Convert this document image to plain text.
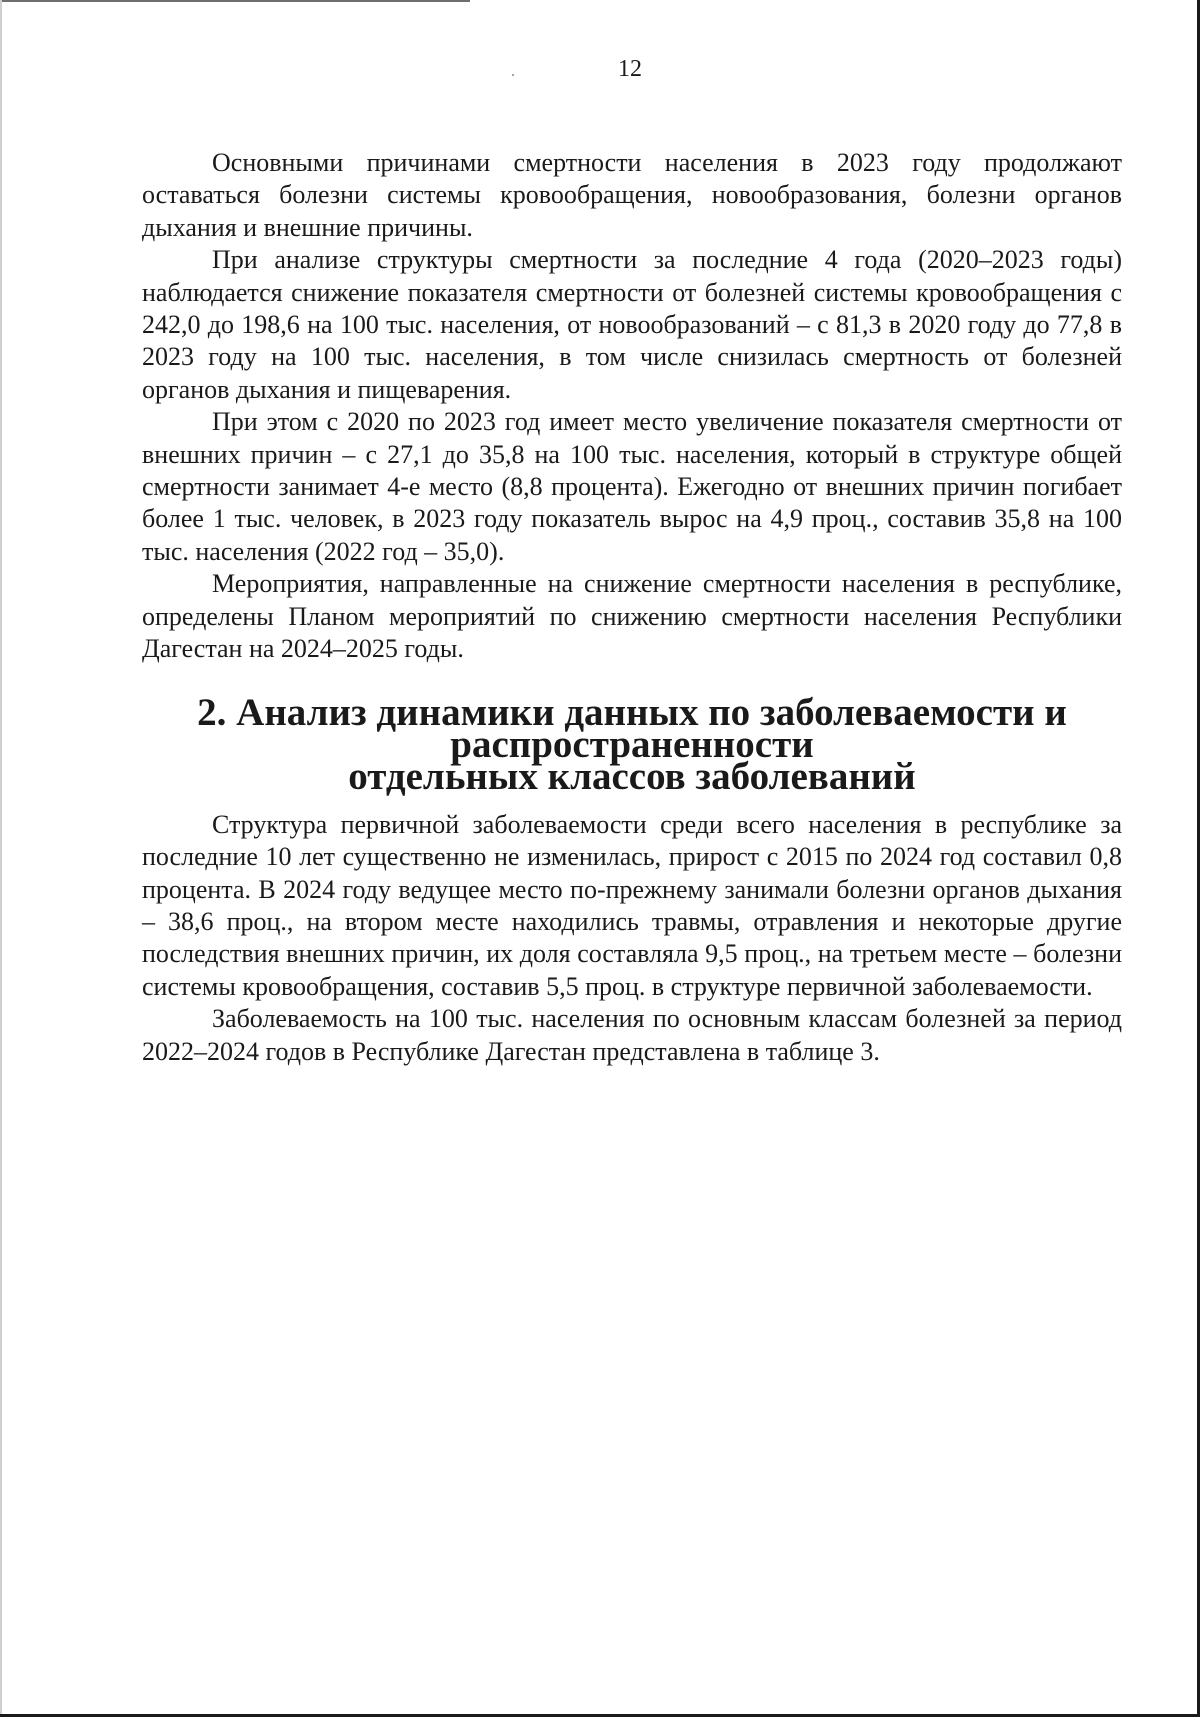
12

Основными причинами смертности населения в 2023 году продолжают оставаться болезни системы кровообращения, новообразования, болезни органов дыхания и внешние причины.

При анализе структуры смертности за последние 4 года (2020–2023 годы) наблюдается снижение показателя смертности от болезней системы кровообращения с 242,0 до 198,6 на 100 тыс. населения, от новообразований – с 81,3 в 2020 году до 77,8 в 2023 году на 100 тыс. населения, в том числе снизилась смертность от болезней органов дыхания и пищеварения.

При этом с 2020 по 2023 год имеет место увеличение показателя смертности от внешних причин – с 27,1 до 35,8 на 100 тыс. населения, который в структуре общей смертности занимает 4-е место (8,8 процента). Ежегодно от внешних причин погибает более 1 тыс. человек, в 2023 году показатель вырос на 4,9 проц., составив 35,8 на 100 тыс. населения (2022 год – 35,0).

Мероприятия, направленные на снижение смертности населения в республике, определены Планом мероприятий по снижению смертности населения Республики Дагестан на 2024–2025 годы.

2. Анализ динамики данных по заболеваемости и распространенности
отдельных классов заболеваний

Структура первичной заболеваемости среди всего населения в республике за последние 10 лет существенно не изменилась, прирост с 2015 по 2024 год составил 0,8 процента. В 2024 году ведущее место по-прежнему занимали болезни органов дыхания – 38,6 проц., на втором месте находились травмы, отравления и некоторые другие последствия внешних причин, их доля составляла 9,5 проц., на третьем месте – болезни системы кровообращения, составив 5,5 проц. в структуре первичной заболеваемости.

Заболеваемость на 100 тыс. населения по основным классам болезней за период 2022–2024 годов в Республике Дагестан представлена в таблице 3.
